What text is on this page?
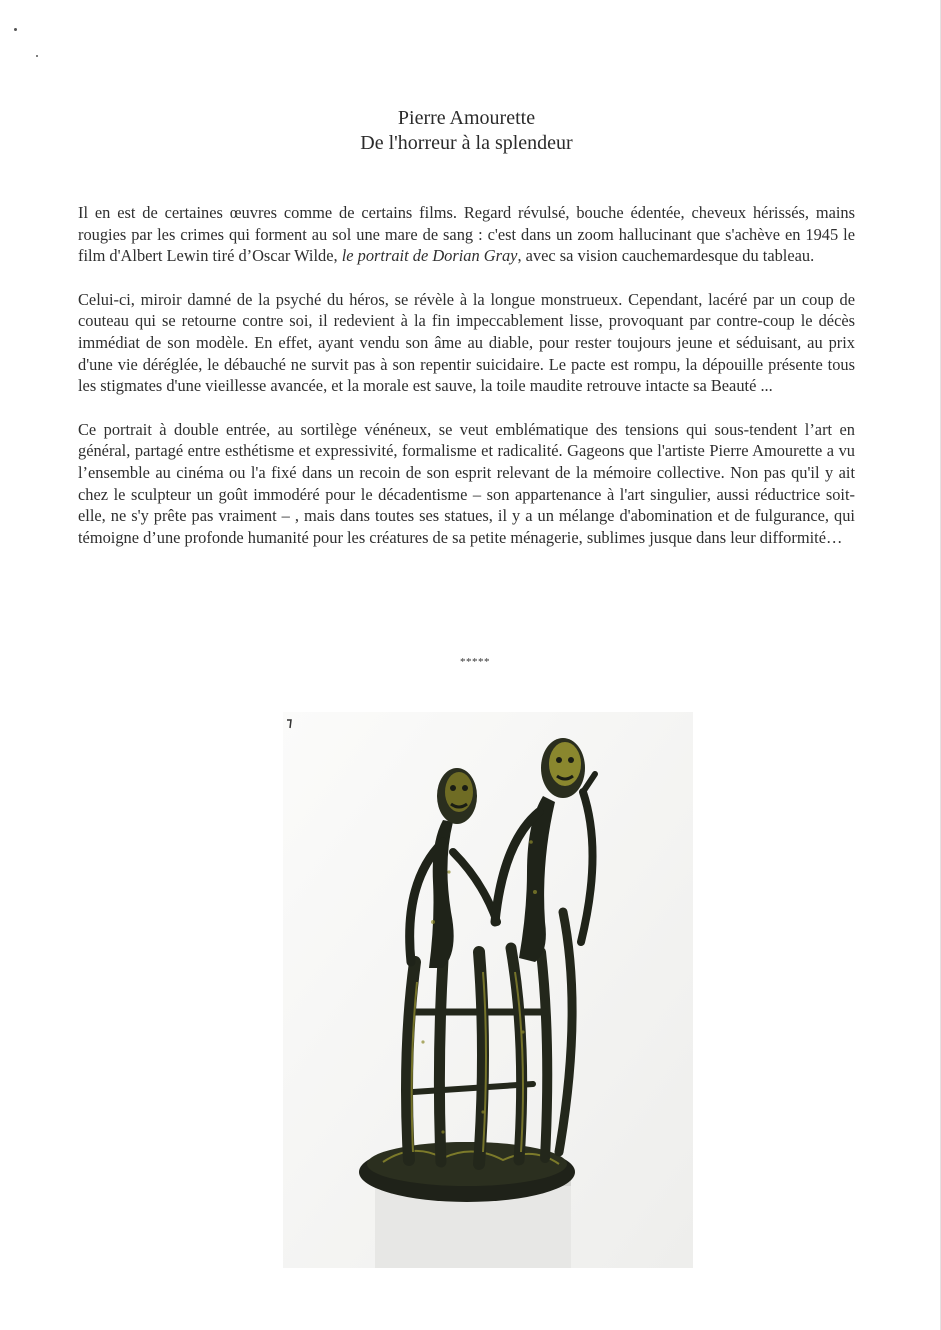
Pierre Amourette
De l'horreur à la splendeur

Il en est de certaines œuvres comme de certains films. Regard révulsé, bouche édentée, cheveux hérissés, mains rougies par les crimes qui forment au sol une mare de sang : c'est dans un zoom hallucinant que s'achève en 1945 le film d'Albert Lewin tiré d’Oscar Wilde, le portrait de Dorian Gray, avec sa vision cauchemardesque du tableau.

Celui-ci, miroir damné de la psyché du héros, se révèle à la longue monstrueux. Cependant, lacéré par un coup de couteau qui se retourne contre soi, il redevient à la fin impeccablement lisse, provoquant par contre-coup le décès immédiat de son modèle. En effet, ayant vendu son âme au diable, pour rester toujours jeune et séduisant, au prix d'une vie déréglée, le débauché ne survit pas à son repentir suicidaire. Le pacte est rompu, la dépouille présente tous les stigmates d'une vieillesse avancée, et la morale est sauve, la toile maudite retrouve intacte sa Beauté ...

Ce portrait à double entrée, au sortilège vénéneux, se veut emblématique des tensions qui sous-tendent l’art en général, partagé entre esthétisme et expressivité, formalisme et radicalité. Gageons que l'artiste Pierre Amourette a vu l’ensemble au cinéma ou l'a fixé dans un recoin de son esprit relevant de la mémoire collective. Non pas qu'il y ait chez le sculpteur un goût immodéré pour le décadentisme – son appartenance à l'art singulier, aussi réductrice soit-elle, ne s'y prête pas vraiment – , mais dans toutes ses statues, il y a un mélange d'abomination et de fulgurance, qui témoigne d’une profonde humanité pour les créatures de sa petite ménagerie, sublimes jusque dans leur difformité…

*****
